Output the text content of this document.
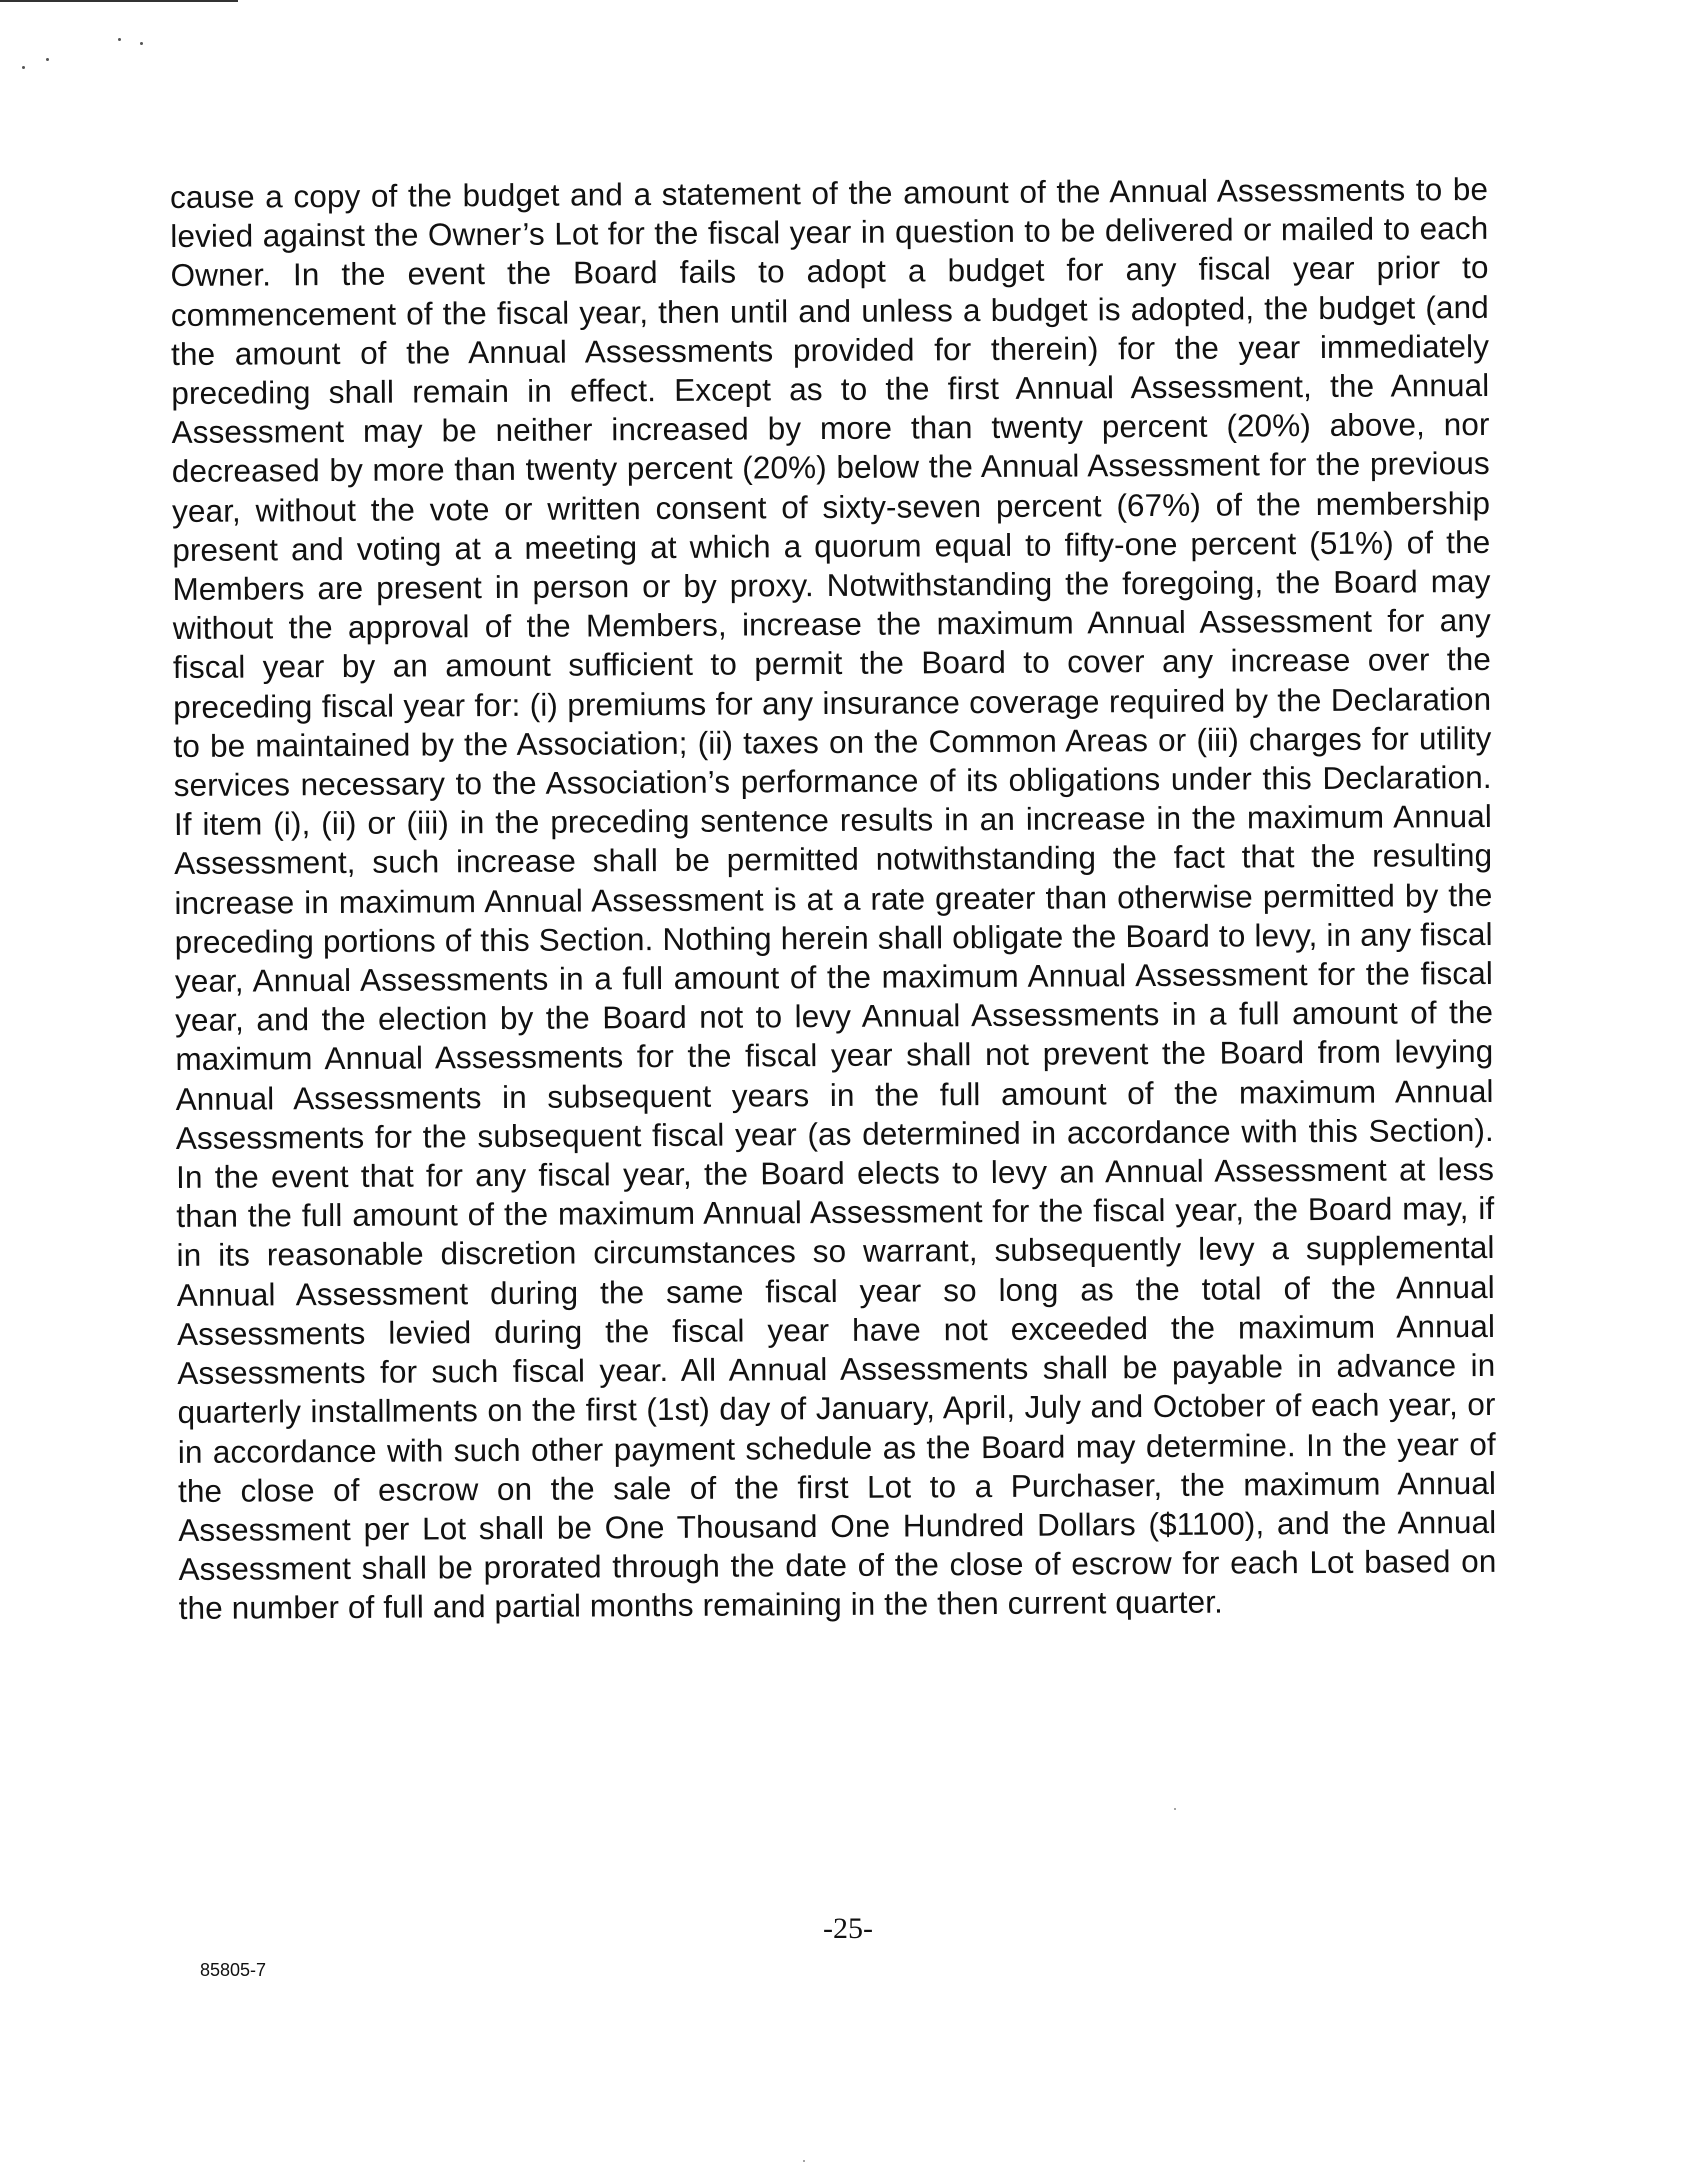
cause a copy of the budget and a statement of the amount of the Annual Assessments to be levied against the Owner’s Lot for the fiscal year in question to be delivered or mailed to each Owner. In the event the Board fails to adopt a budget for any fiscal year prior to commencement of the fiscal year, then until and unless a budget is adopted, the budget (and the amount of the Annual Assessments provided for therein) for the year immediately preceding shall remain in effect. Except as to the first Annual Assessment, the Annual Assessment may be neither increased by more than twenty percent (20%) above, nor decreased by more than twenty percent (20%) below the Annual Assessment for the previous year, without the vote or written consent of sixty-seven percent (67%) of the membership present and voting at a meeting at which a quorum equal to fifty-one percent (51%) of the Members are present in person or by proxy. Notwithstanding the foregoing, the Board may without the approval of the Members, increase the maximum Annual Assessment for any fiscal year by an amount sufficient to permit the Board to cover any increase over the preceding fiscal year for: (i) premiums for any insurance coverage required by the Declaration to be maintained by the Association; (ii) taxes on the Common Areas or (iii) charges for utility services necessary to the Association’s performance of its obligations under this Declaration. If item (i), (ii) or (iii) in the preceding sentence results in an increase in the maximum Annual Assessment, such increase shall be permitted notwithstanding the fact that the resulting increase in maximum Annual Assessment is at a rate greater than otherwise permitted by the preceding portions of this Section. Nothing herein shall obligate the Board to levy, in any fiscal year, Annual Assessments in a full amount of the maximum Annual Assessment for the fiscal year, and the election by the Board not to levy Annual Assessments in a full amount of the maximum Annual Assessments for the fiscal year shall not prevent the Board from levying Annual Assessments in subsequent years in the full amount of the maximum Annual Assessments for the subsequent fiscal year (as determined in accordance with this Section). In the event that for any fiscal year, the Board elects to levy an Annual Assessment at less than the full amount of the maximum Annual Assessment for the fiscal year, the Board may, if in its reasonable discretion circumstances so warrant, subsequently levy a supplemental Annual Assessment during the same fiscal year so long as the total of the Annual Assessments levied during the fiscal year have not exceeded the maximum Annual Assessments for such fiscal year. All Annual Assessments shall be payable in advance in quarterly installments on the first (1st) day of January, April, July and October of each year, or in accordance with such other payment schedule as the Board may determine. In the year of the close of escrow on the sale of the first Lot to a Purchaser, the maximum Annual Assessment per Lot shall be One Thousand One Hundred Dollars ($1100), and the Annual Assessment shall be prorated through the date of the close of escrow for each Lot based on the number of full and partial months remaining in the then current quarter.

-25-
85805-7
